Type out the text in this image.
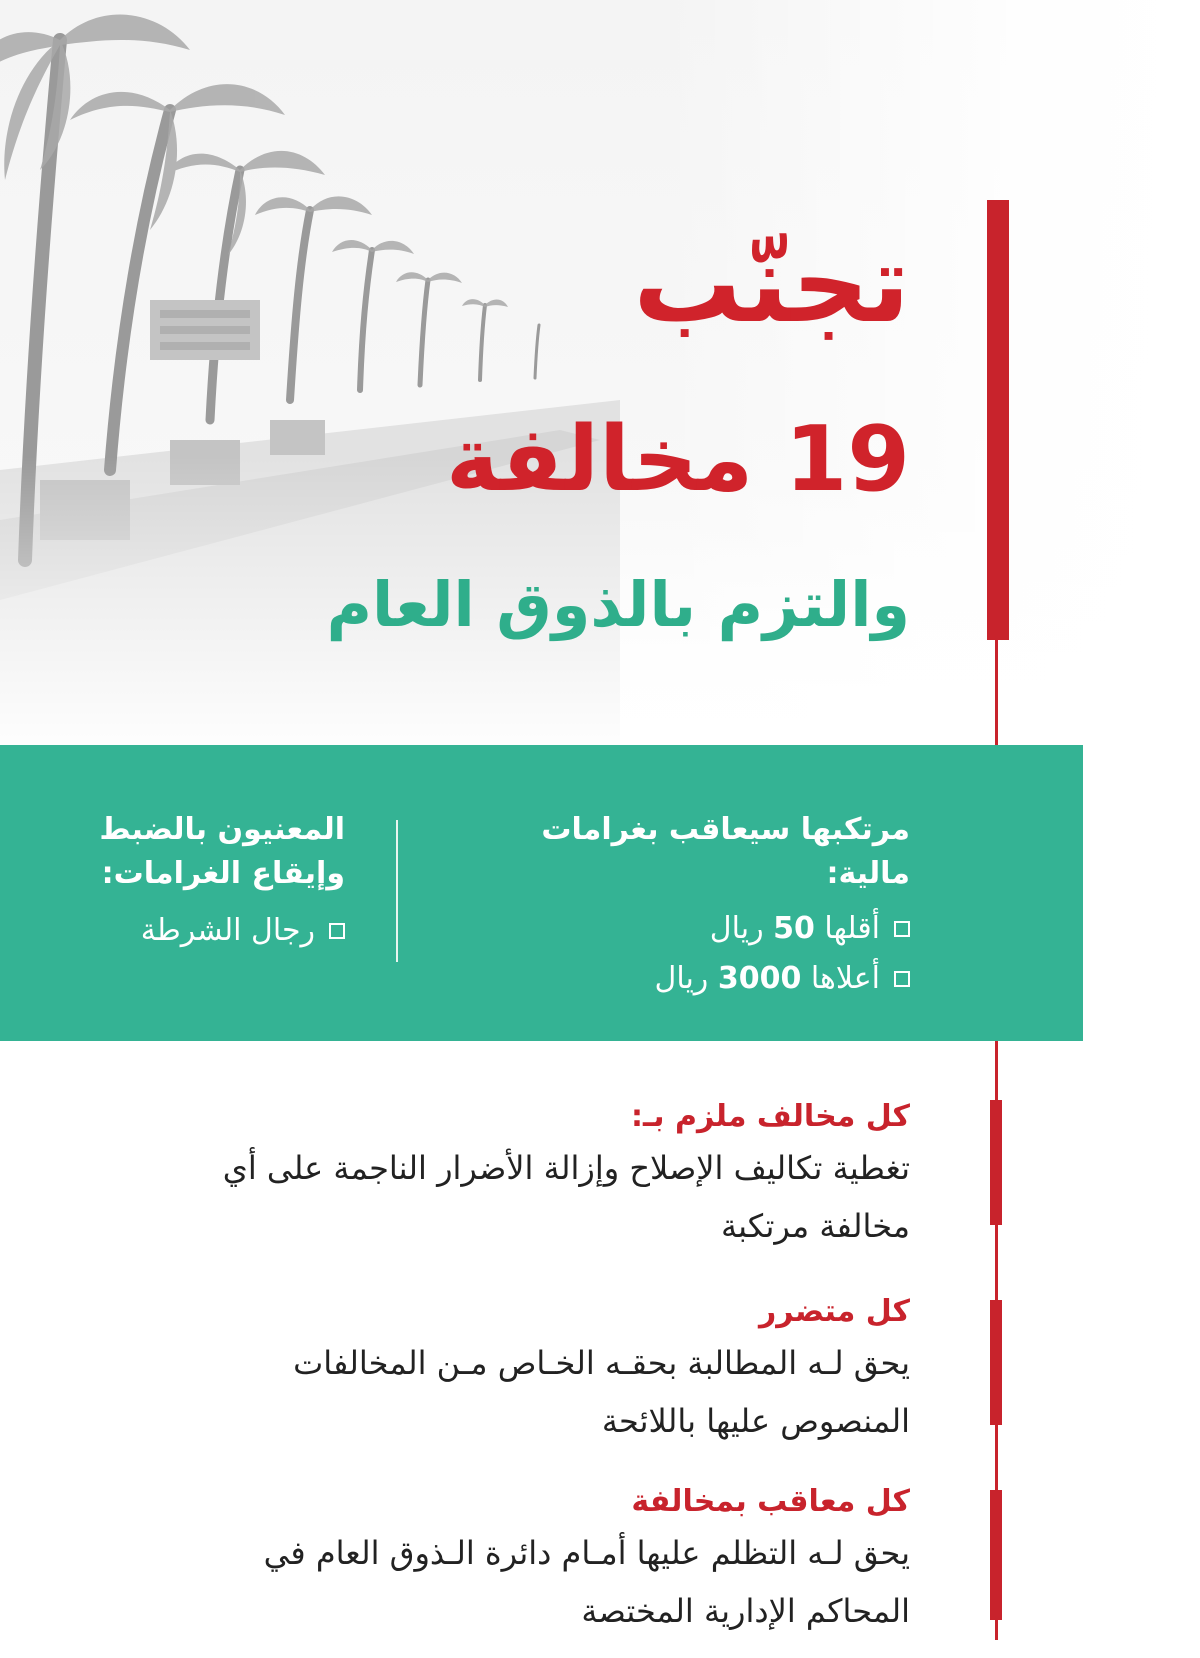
تجنّب
19 مخالفة
والتزم بالذوق العام

مرتكبها سيعاقب بغرامات مالية:

أقلها 50 ريال
أعلاها 3000 ريال

المعنيون بالضبط

وإيقاع الغرامات:

رجال الشرطة

كل مخالف ملزم بـ:

تغطية تكاليف الإصلاح وإزالة الأضرار الناجمة على أي

مخالفة مرتكبة

كل متضرر

يحق لـه المطالبة بحقـه الخـاص مـن المخالفات

المنصوص عليها باللائحة

كل معاقب بمخالفة

يحق لـه التظلم عليها أمـام دائرة الـذوق العام في

المحاكم الإدارية المختصة
